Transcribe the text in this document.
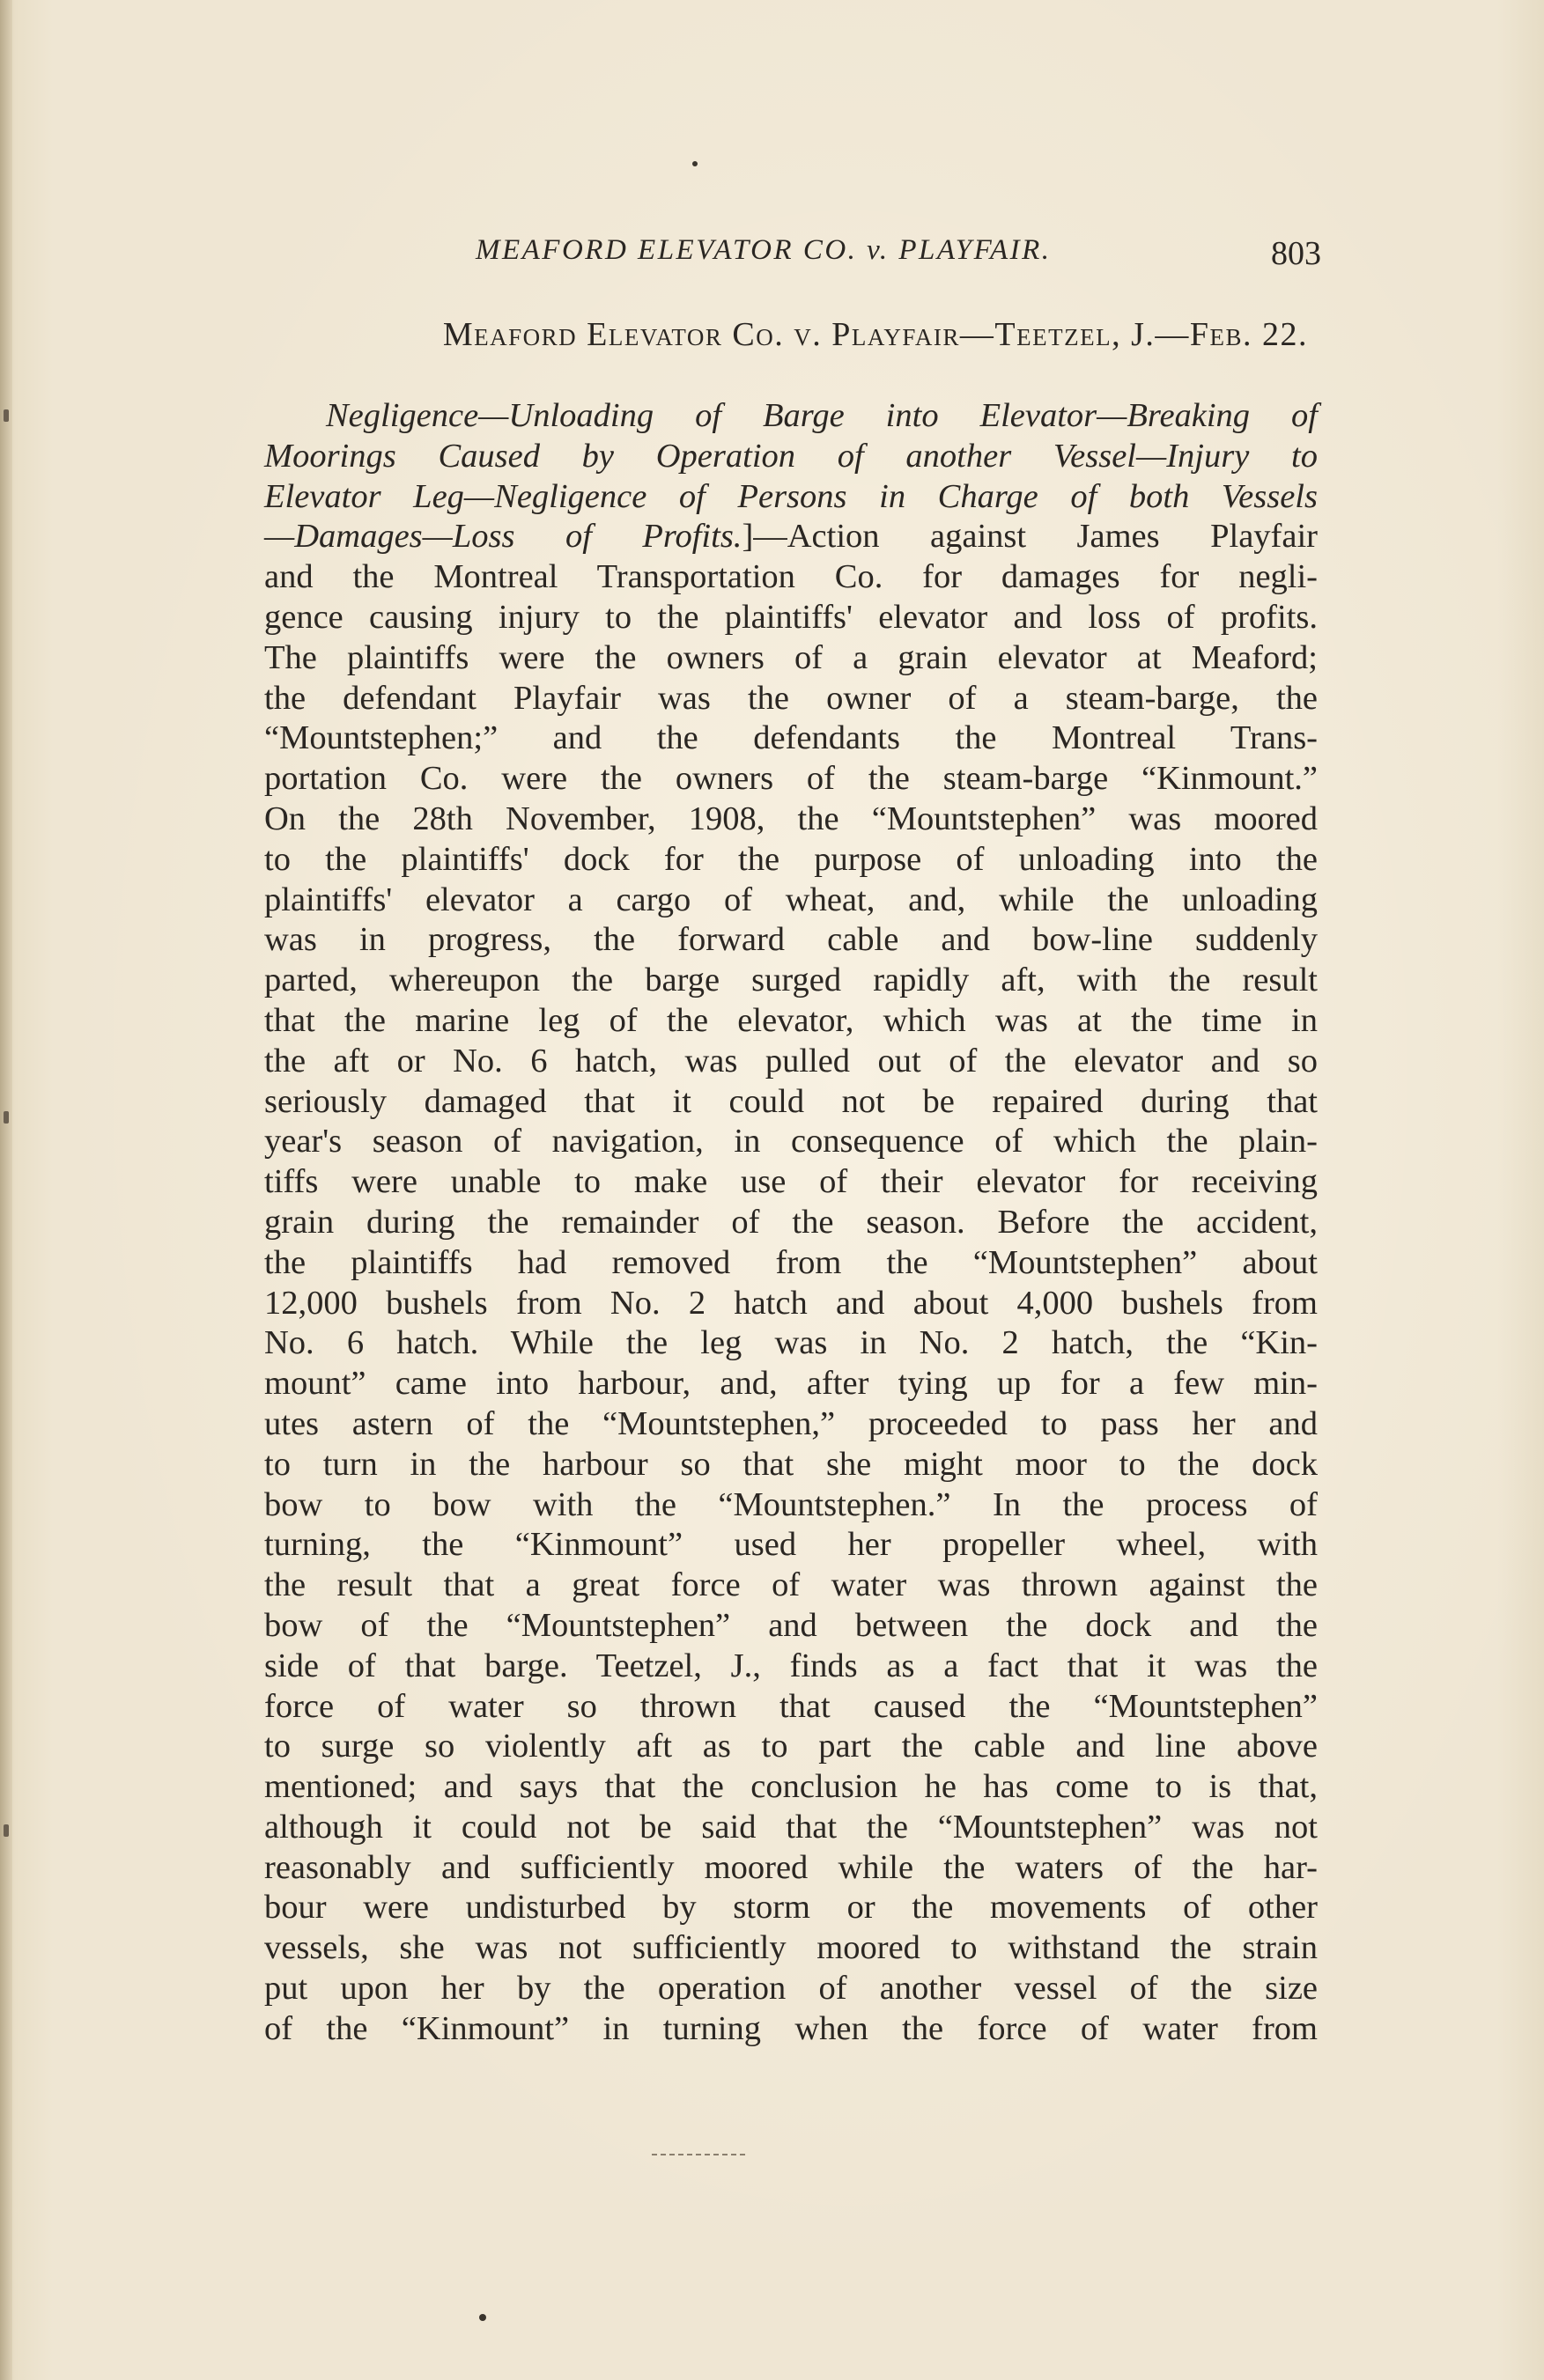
MEAFORD ELEVATOR CO. v. PLAYFAIR.	803
Meaford Elevator Co. v. Playfair—Teetzel, J.—Feb. 22.
Negligence—Unloading of Barge into Elevator—Breaking of
Moorings Caused by Operation of another Vessel—Injury to
Elevator Leg—Negligence of Persons in Charge of both Vessels
—Damages—Loss of Profits.]—Action against James Playfair
and the Montreal Transportation Co. for damages for negli-
gence causing injury to the plaintiffs' elevator and loss of profits.
The plaintiffs were the owners of a grain elevator at Meaford;
the defendant Playfair was the owner of a steam-barge, the
“Mountstephen;” and the defendants the Montreal Trans-
portation Co. were the owners of the steam-barge “Kinmount.”
On the 28th November, 1908, the “Mountstephen” was moored
to the plaintiffs' dock for the purpose of unloading into the
plaintiffs' elevator a cargo of wheat, and, while the unloading
was in progress, the forward cable and bow-line suddenly
parted, whereupon the barge surged rapidly aft, with the result
that the marine leg of the elevator, which was at the time in
the aft or No. 6 hatch, was pulled out of the elevator and so
seriously damaged that it could not be repaired during that
year's season of navigation, in consequence of which the plain-
tiffs were unable to make use of their elevator for receiving
grain during the remainder of the season. Before the accident,
the plaintiffs had removed from the “Mountstephen” about
12,000 bushels from No. 2 hatch and about 4,000 bushels from
No. 6 hatch. While the leg was in No. 2 hatch, the “Kin-
mount” came into harbour, and, after tying up for a few min-
utes astern of the “Mountstephen,” proceeded to pass her and
to turn in the harbour so that she might moor to the dock
bow to bow with the “Mountstephen.” In the process of
turning, the “Kinmount” used her propeller wheel, with
the result that a great force of water was thrown against the
bow of the “Mountstephen” and between the dock and the
side of that barge. Teetzel, J., finds as a fact that it was the
force of water so thrown that caused the “Mountstephen”
to surge so violently aft as to part the cable and line above
mentioned; and says that the conclusion he has come to is that,
although it could not be said that the “Mountstephen” was not
reasonably and sufficiently moored while the waters of the har-
bour were undisturbed by storm or the movements of other
vessels, she was not sufficiently moored to withstand the strain
put upon her by the operation of another vessel of the size
of the “Kinmount” in turning when the force of water from
